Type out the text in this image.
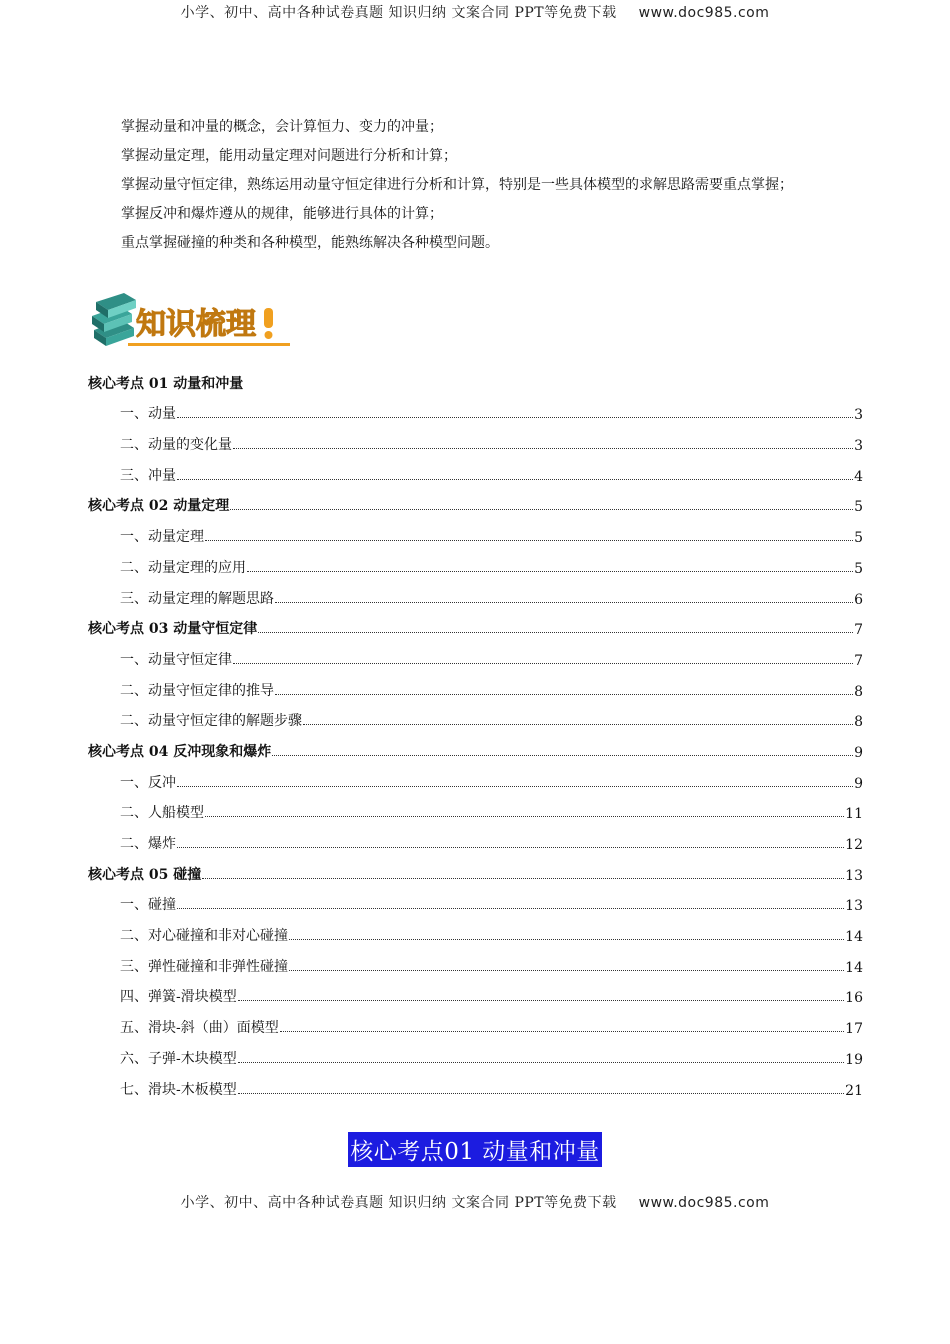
小学、初中、高中各种试卷真题 知识归纳 文案合同 PPT等免费下载 www.doc985.com

掌握动量和冲量的概念，会计算恒力、变力的冲量；

掌握动量定理，能用动量定理对问题进行分析和计算；

掌握动量守恒定律，熟练运用动量守恒定律进行分析和计算，特别是一些具体模型的求解思路需要重点掌握；

掌握反冲和爆炸遵从的规律，能够进行具体的计算；

重点掌握碰撞的种类和各种模型，能熟练解决各种模型问题。

知识梳理
核心考点 01 动量和冲量
一、动量	3
二、动量的变化量	3
三、冲量	4
核心考点 02 动量定理	5
一、动量定理	5
二、动量定理的应用	5
三、动量定理的解题思路	6
核心考点 03 动量守恒定律	7
一、动量守恒定律	7
二、动量守恒定律的推导	8
二、动量守恒定律的解题步骤	8
核心考点 04 反冲现象和爆炸	9
一、反冲	9
二、人船模型	11
二、爆炸	12
核心考点 05 碰撞	13
一、碰撞	13
二、对心碰撞和非对心碰撞	14
三、弹性碰撞和非弹性碰撞	14
四、弹簧-滑块模型	16
五、滑块-斜（曲）面模型	17
六、子弹-木块模型	19
七、滑块-木板模型	21
核心考点01 动量和冲量
小学、初中、高中各种试卷真题 知识归纳 文案合同 PPT等免费下载 www.doc985.com
